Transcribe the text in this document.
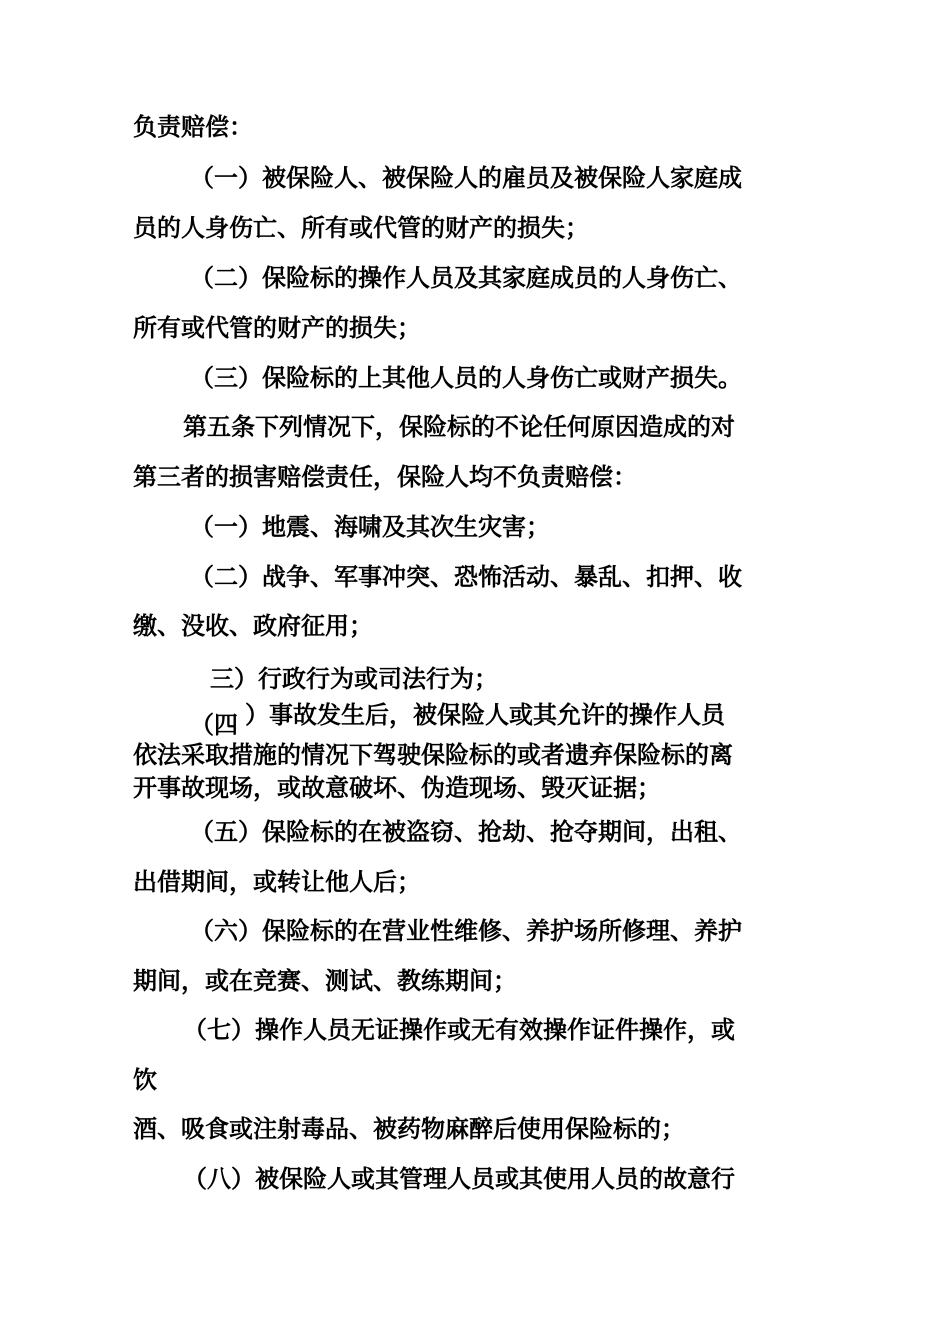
负责赔偿：
（一）被保险人、被保险人的雇员及被保险人家庭成
员的人身伤亡、所有或代管的财产的损失；
（二）保险标的操作人员及其家庭成员的人身伤亡、
所有或代管的财产的损失；
（三）保险标的上其他人员的人身伤亡或财产损失。
第五条下列情况下，保险标的不论任何原因造成的对
第三者的损害赔偿责任，保险人均不负责赔偿：
（一）地震、海啸及其次生灾害；
（二）战争、军事冲突、恐怖活动、暴乱、扣押、收
缴、没收、政府征用；
三）行政行为或司法行为；
（四 ）事故发生后，被保险人或其允许的操作人员
依法采取措施的情况下驾驶保险标的或者遗弃保险标的离
开事故现场，或故意破坏、伪造现场、毁灭证据；
（五）保险标的在被盗窃、抢劫、抢夺期间，出租、
出借期间，或转让他人后；
（六）保险标的在营业性维修、养护场所修理、养护
期间，或在竞赛、测试、教练期间；
（七）操作人员无证操作或无有效操作证件操作，或
饮
酒、吸食或注射毒品、被药物麻醉后使用保险标的；
（八）被保险人或其管理人员或其使用人员的故意行
